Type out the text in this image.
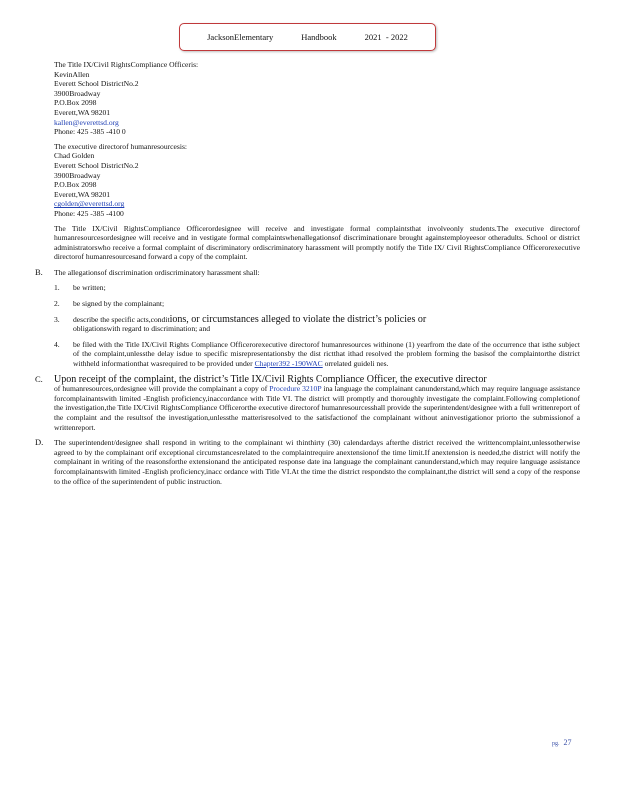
JacksonElementary	Handbook	2021 - 2022
The Title IX/Civil RightsCompliance Officeris:
KevinAllen
Everett School DistrictNo.2
3900Broadway
P.O.Box 2098
Everett,WA 98201
kallen@everettsd.org
Phone: 425 -385 -410 0
The executive directorof humanresourcesis:
Chad Golden
Everett School DistrictNo.2
3900Broadway
P.O.Box 2098
Everett,WA 98201
cgolden@everettsd.org
Phone: 425 -385 -4100

The Title IX/Civil RightsCompliance Officerordesignee will receive and investigate formal complaintsthat involveonly students.The executive directorof humanresourcesordesignee will receive and in vestigate formal complaintswhenallegationsof discriminationare brought againstemployeesor otheradults. School or district administratorswho receive a formal complaint of discriminatory ordiscriminatory harassment will promptly notify the Title IX/ Civil RightsCompliance Officerorexecutive directorof humanresourcesand forward a copy of the complaint.

B. The allegationsof discrimination ordiscriminatory harassment shall:
1. be written;
2. be signed by the complainant;
3. describe the specific acts,conditions, or circumstances alleged to violate the district’s policies or
obligationswith regard to discrimination; and
4. be filed with the Title IX/Civil Rights Compliance Officerorexecutive directorof humanresources withinone (1) yearfrom the date of the occurrence that isthe subject of the complaint,unlessthe delay isdue to specific misrepresentationsby the dist rictthat ithad resolved the problem forming the basisof the complaintorthe district withheld informationthat wasrequired to be provided under Chapter392 -190WAC orrelated guideli nes.
C. Upon receipt of the complaint, the district’s Title IX/Civil Rights Compliance Officer, the executive director

of humanresources,ordesignee will provide the complainant a copy of Procedure 3210P ina language the complainant canunderstand,which may require language assistance forcomplainantswith limited -English proficiency,inaccordance with Title VI. The district will promptly and thoroughly investigate the complaint.Following completionof the investigation,the Title IX/Civil RightsCompliance Officerorthe executive directorof humanresourcesshall provide the superintendent/designee with a full writtenreport of the complaint and the resultsof the investigation,unlessthe matterisresolved to the satisfactionof the complainant without aninvestigationor priorto the submissionof a writtenreport.

D. The superintendent/designee shall respond in writing to the complainant wi thinthirty (30) calendardays afterthe district received the writtencomplaint,unlessotherwise agreed to by the complainant orif exceptional circumstancesrelated to the complaintrequire anextensionof the time limit.If anextension is needed,the district will notify the complainant in writing of the reasonsforthe extensionand the anticipated response date ina language the complainant canunderstand,which may require language assistance forcomplainantswith limited -English proficiency,inacc ordance with Title VI.At the time the district respondsto the complainant,the district will send a copy of the response to the office of the superintendent of public instruction.

pg. 27
